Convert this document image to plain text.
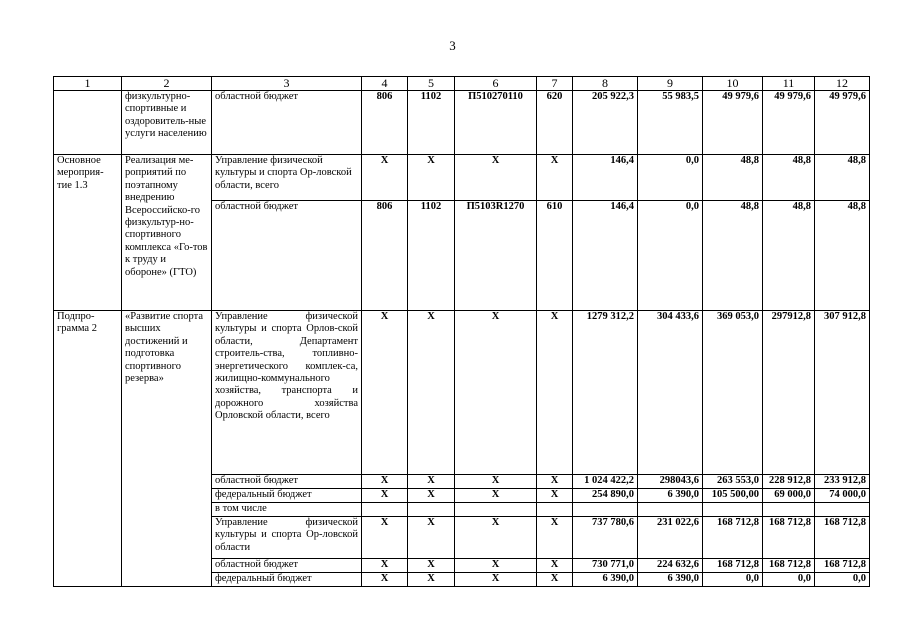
3
1	2	3	4	5	6	7	8	9	10	11	12
	физкультурно-спортивные и оздоровитель-ные услуги населению	областной бюджет	806	1102	П510270110	620	205 922,3	55 983,5	49 979,6	49 979,6	49 979,6
Основное мероприя-тие 1.3	Реализация ме-роприятий по поэтапному внедрению Всероссийско-го физкультур-но-спортивного комплекса «Го-тов к труду и обороне» (ГТО)	Управление физической культуры и спорта Ор-ловской области, всего	Х	Х	Х	Х	146,4	0,0	48,8	48,8	48,8
		областной бюджет	806	1102	П5103R1270	610	146,4	0,0	48,8	48,8	48,8
Подпро-грамма 2	«Развитие спорта высших достижений и подготовка спортивного резерва»	Управление физической культуры и спорта Орлов-ской области, Департамент строитель-ства, топливно-энергетического комплек-са, жилищно-коммунального хозяйства, транспорта и дорожного хозяйства Орловской области, всего	Х	Х	Х	Х	1279 312,2	304 433,6	369 053,0	297912,8	307 912,8
		областной бюджет	Х	Х	Х	Х	1 024 422,2	298043,6	263 553,0	228 912,8	233 912,8
		федеральный бюджет	Х	Х	Х	Х	254 890,0	6 390,0	105 500,00	69 000,0	74 000,0
		в том числе									
		Управление физической культуры и спорта Ор-ловской области	Х	Х	Х	Х	737 780,6	231 022,6	168 712,8	168 712,8	168 712,8
		областной бюджет	Х	Х	Х	Х	730 771,0	224 632,6	168 712,8	168 712,8	168 712,8
		федеральный бюджет	Х	Х	Х	Х	6 390,0	6 390,0	0,0	0,0	0,0
